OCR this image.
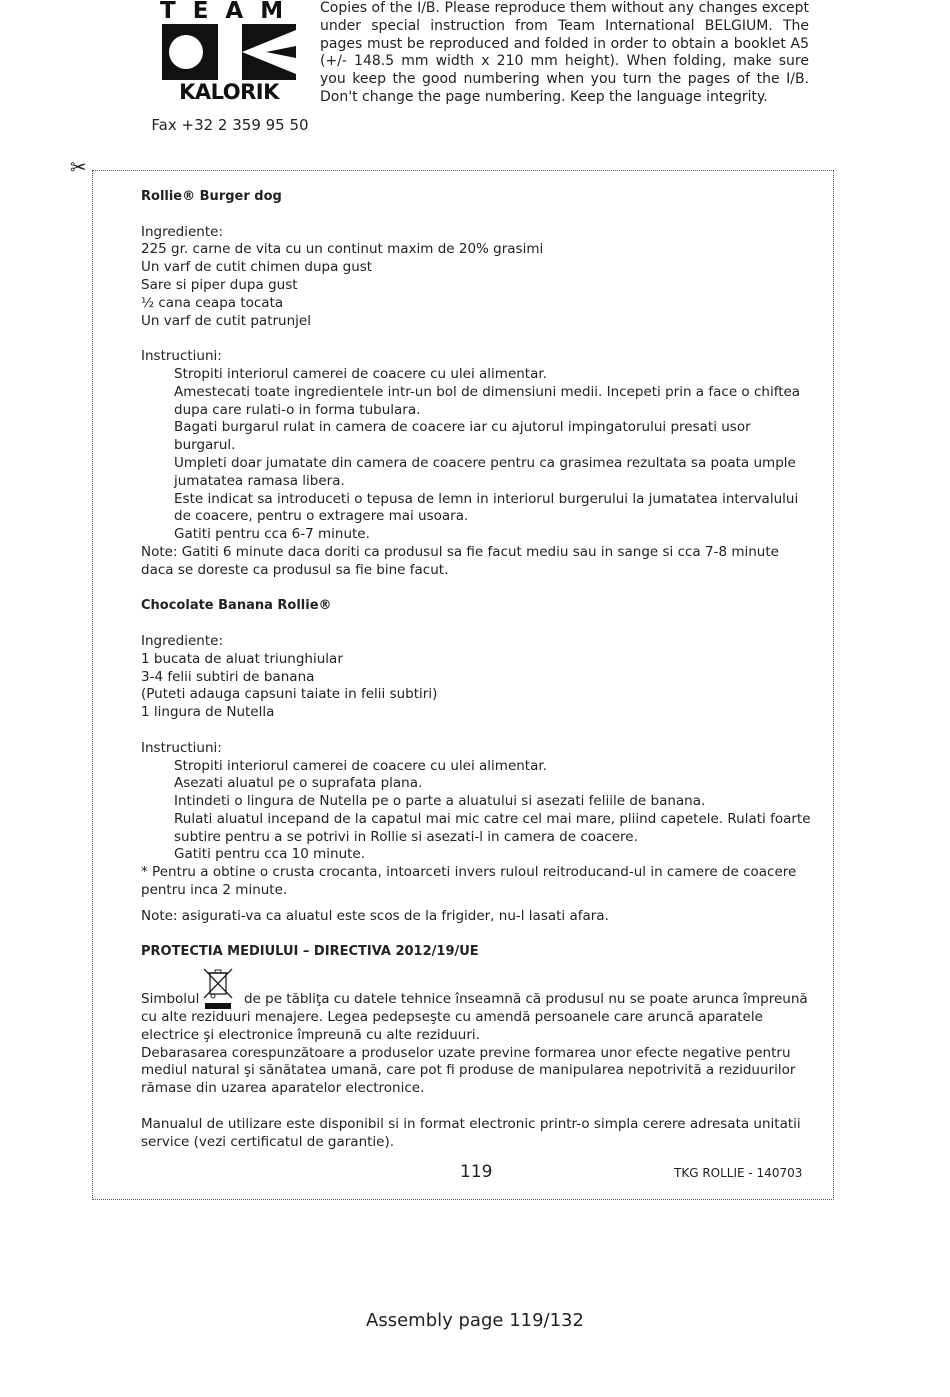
TEAM
KALORIK
Fax +32 2 359 95 50
Copies of the I/B. Please reproduce them without any changes except under special instruction from Team International BELGIUM. The pages must be reproduced and folded in order to obtain a booklet A5 (+/- 148.5 mm width x 210 mm height). When folding, make sure you keep the good numbering when you turn the pages of the I/B. Don't change the page numbering. Keep the language integrity.
✂
Rollie® Burger dog
Ingrediente:
225 gr. carne de vita cu un continut maxim de 20% grasimi
Un varf de cutit chimen dupa gust
Sare si piper dupa gust
½ cana ceapa tocata
Un varf de cutit patrunjel
Instructiuni:
Stropiti interiorul camerei de coacere cu ulei alimentar.
Amestecati toate ingredientele intr-un bol de dimensiuni medii. Incepeti prin a face o chiftea dupa care rulati-o in forma tubulara.
Bagati burgarul rulat in camera de coacere iar cu ajutorul impingatorului presati usor burgarul.
Umpleti doar jumatate din camera de coacere pentru ca grasimea rezultata sa poata umple jumatatea ramasa libera.
Este indicat sa introduceti o tepusa de lemn in interiorul burgerului la jumatatea intervalului de coacere, pentru o extragere mai usoara.
Gatiti pentru cca 6-7 minute.
Note: Gatiti 6 minute daca doriti ca produsul sa fie facut mediu sau in sange si cca 7-8 minute daca se doreste ca produsul sa fie bine facut.
Chocolate Banana Rollie®
Ingrediente:
1 bucata de aluat triunghiular
3-4 felii subtiri de banana
(Puteti adauga capsuni taiate in felii subtiri)
1 lingura de Nutella
Instructiuni:
Stropiti interiorul camerei de coacere cu ulei alimentar.
Asezati aluatul pe o suprafata plana.
Intindeti o lingura de Nutella pe o parte a aluatului si asezati feliile de banana.
Rulati aluatul incepand de la capatul mai mic catre cel mai mare, pliind capetele. Rulati foarte subtire pentru a se potrivi in Rollie si asezati-l in camera de coacere.
Gatiti pentru cca 10 minute.
* Pentru a obtine o crusta crocanta, intoarceti invers ruloul reitroducand-ul in camere de coacere pentru inca 2 minute.
Note: asigurati-va ca aluatul este scos de la frigider, nu-l lasati afara.
PROTECTIA MEDIULUI – DIRECTIVA 2012/19/UE
Simbolul	de pe tăbliţa cu datele tehnice înseamnă că produsul nu se poate arunca împreună cu alte reziduuri menajere. Legea pedepseşte cu amendă persoanele care aruncă aparatele electrice şi electronice împreună cu alte reziduuri.
Debarasarea corespunzătoare a produselor uzate previne formarea unor efecte negative pentru mediul natural şi sănătatea umană, care pot fi produse de manipularea nepotrivită a reziduurilor rămase din uzarea aparatelor electronice.
Manualul de utilizare este disponibil si in format electronic printr-o simpla cerere adresata unitatii service (vezi certificatul de garantie).
119	TKG ROLLIE - 140703
Assembly page 119/132
